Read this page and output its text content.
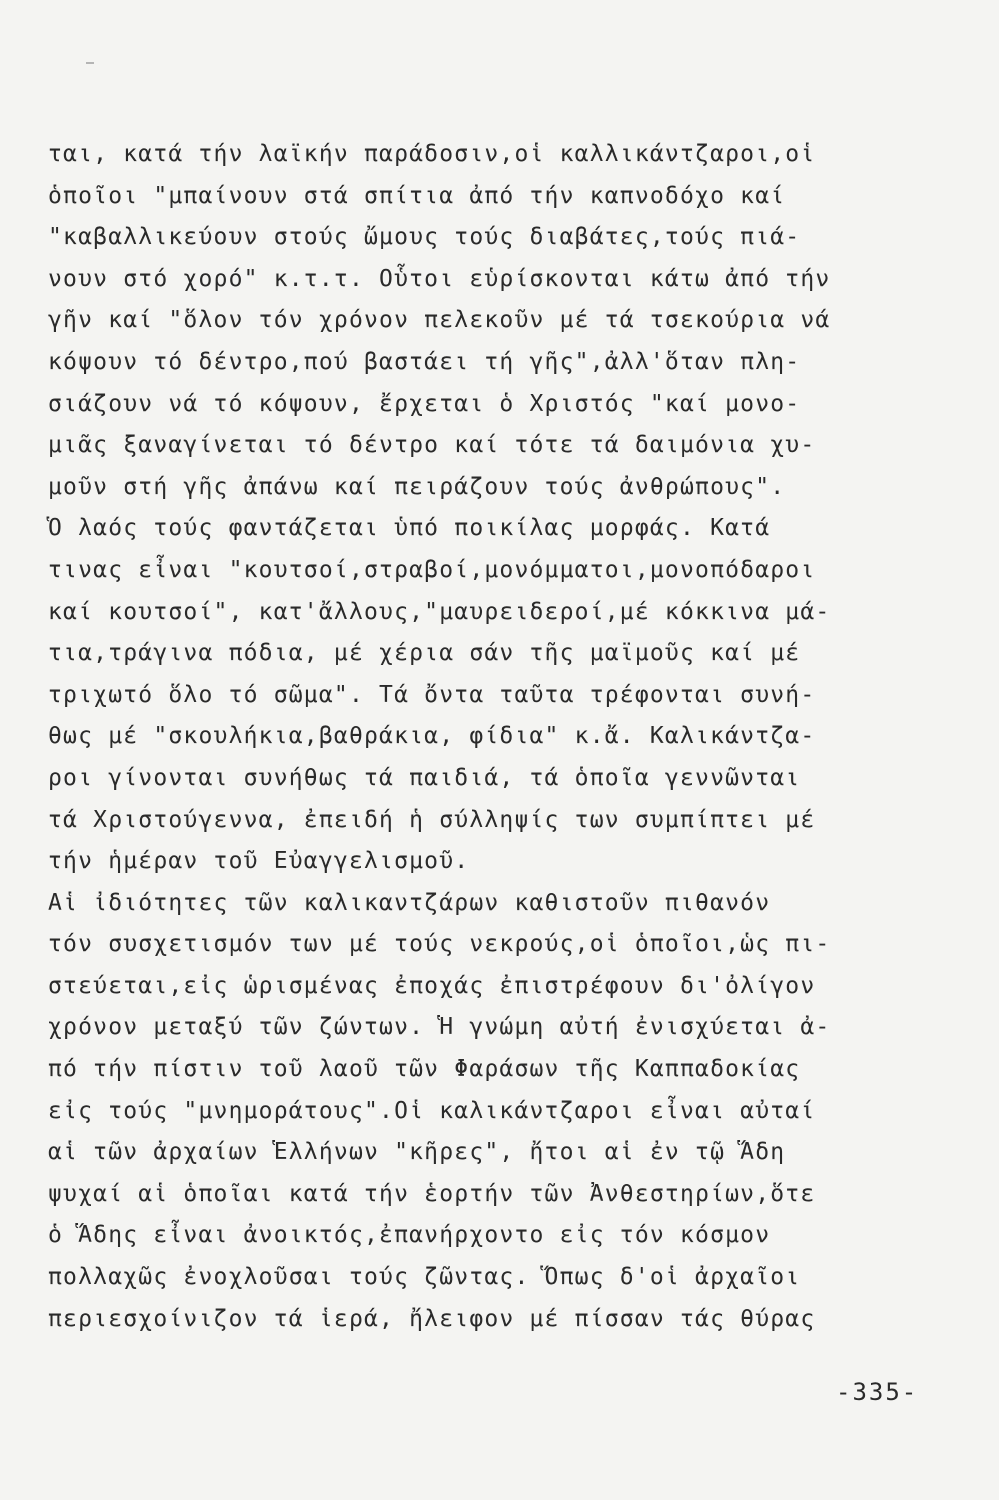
ται, κατά τήν λαϊκήν παράδοσιν,οἱ καλλικάντζαροι,οἱ
ὁποῖοι "μπαίνουν στά σπίτια ἀπό τήν καπνοδόχο καί
"καβαλλικεύουν στούς ὤμους τούς διαβάτες,τούς πιά-
νουν στό χορό" κ.τ.τ. Οὗτοι εὑρίσκονται κάτω ἀπό τήν
γῆν καί "ὅλον τόν χρόνον πελεκοῦν μέ τά τσεκούρια νά
κόψουν τό δέντρο,πού βαστάει τή γῆς",ἀλλ'ὅταν πλη-
σιάζουν νά τό κόψουν, ἔρχεται ὁ Χριστός "καί μονο-
μιᾶς ξαναγίνεται τό δέντρο καί τότε τά δαιμόνια χυ-
μοῦν στή γῆς ἀπάνω καί πειράζουν τούς ἀνθρώπους".
Ὁ λαός τούς φαντάζεται ὑπό ποικίλας μορφάς. Κατά
τινας εἶναι "κουτσοί,στραβοί,μονόμματοι,μονοπόδαροι
καί κουτσοί", κατ'ἄλλους,"μαυρειδεροί,μέ κόκκινα μά-
τια,τράγινα πόδια, μέ χέρια σάν τῆς μαϊμοῦς καί μέ
τριχωτό ὅλο τό σῶμα". Τά ὄντα ταῦτα τρέφονται συνή-
θως μέ "σκουλήκια,βαθράκια, φίδια" κ.ἄ. Καλικάντζα-
ροι γίνονται συνήθως τά παιδιά, τά ὁποῖα γεννῶνται
τά Χριστούγεννα, ἐπειδή ἡ σύλληψίς των συμπίπτει μέ
τήν ἡμέραν τοῦ Εὐαγγελισμοῦ.
Αἱ ἰδιότητες τῶν καλικαντζάρων καθιστοῦν πιθανόν
τόν συσχετισμόν των μέ τούς νεκρούς,οἱ ὁποῖοι,ὡς πι-
στεύεται,εἰς ὡρισμένας ἐποχάς ἐπιστρέφουν δι'ὀλίγον
χρόνον μεταξύ τῶν ζώντων. Ἡ γνώμη αὐτή ἐνισχύεται ἀ-
πό τήν πίστιν τοῦ λαοῦ τῶν Φαράσων τῆς Καππαδοκίας
εἰς τούς "μνημοράτους".Οἱ καλικάντζαροι εἶναι αὐταί
αἱ τῶν ἀρχαίων Ἑλλήνων "κῆρες", ἤτοι αἱ ἐν τῷ Ἅδη
ψυχαί αἱ ὁποῖαι κατά τήν ἑορτήν τῶν Ἀνθεστηρίων,ὅτε
ὁ Ἅδης εἶναι ἀνοικτός,ἐπανήρχοντο εἰς τόν κόσμον
πολλαχῶς ἐνοχλοῦσαι τούς ζῶντας. Ὅπως δ'οἱ ἀρχαῖοι
περιεσχοίνιζον τά ἱερά, ἤλειφον μέ πίσσαν τάς θύρας
-335-
